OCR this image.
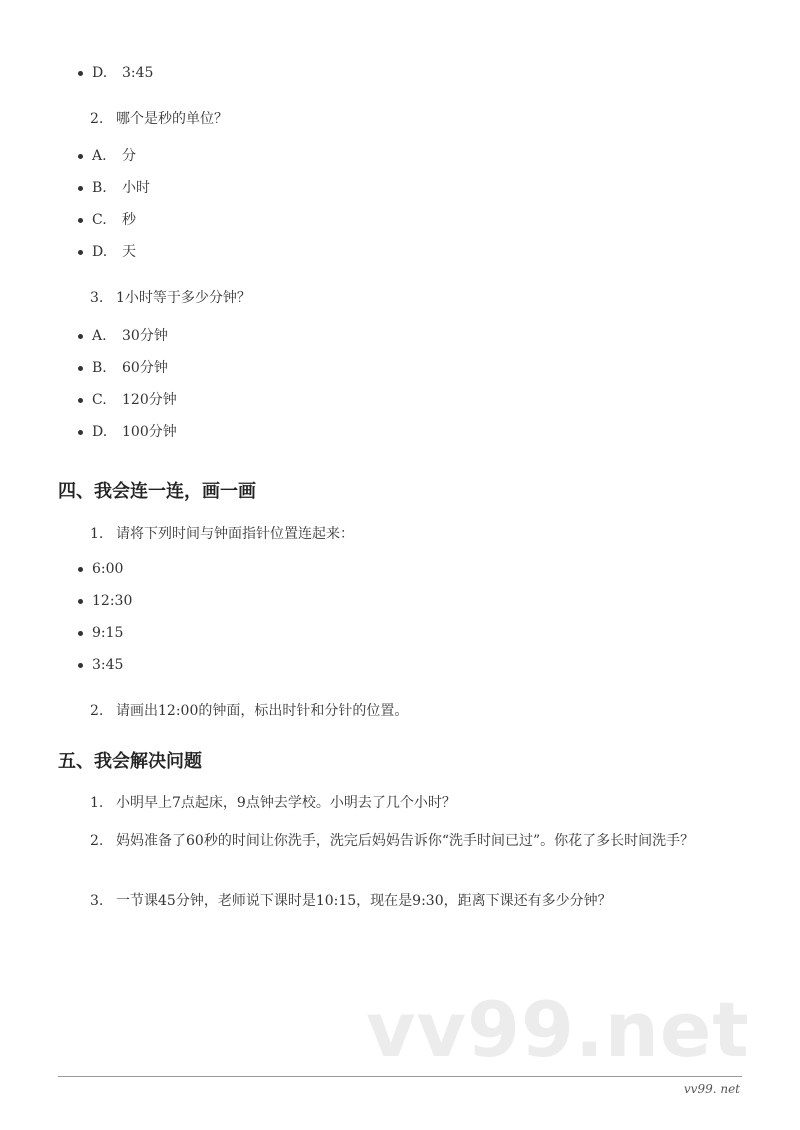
D.	3:45
2. 哪个是秒的单位？
A.	分
B.	小时
C.	秒
D.	天
3. 1小时等于多少分钟？
A.	30分钟
B.	60分钟
C.	120分钟
D.	100分钟
四、我会连一连，画一画
1. 请将下列时间与钟面指针位置连起来：
6:00
12:30
9:15
3:45
2. 请画出12:00的钟面，标出时针和分针的位置。
五、我会解决问题
1. 小明早上7点起床，9点钟去学校。小明去了几个小时？
2. 妈妈准备了60秒的时间让你洗手，洗完后妈妈告诉你“洗手时间已过”。你花了多长时间洗手？
3. 一节课45分钟，老师说下课时是10:15，现在是9:30，距离下课还有多少分钟？
vv99.net
vv99. net
